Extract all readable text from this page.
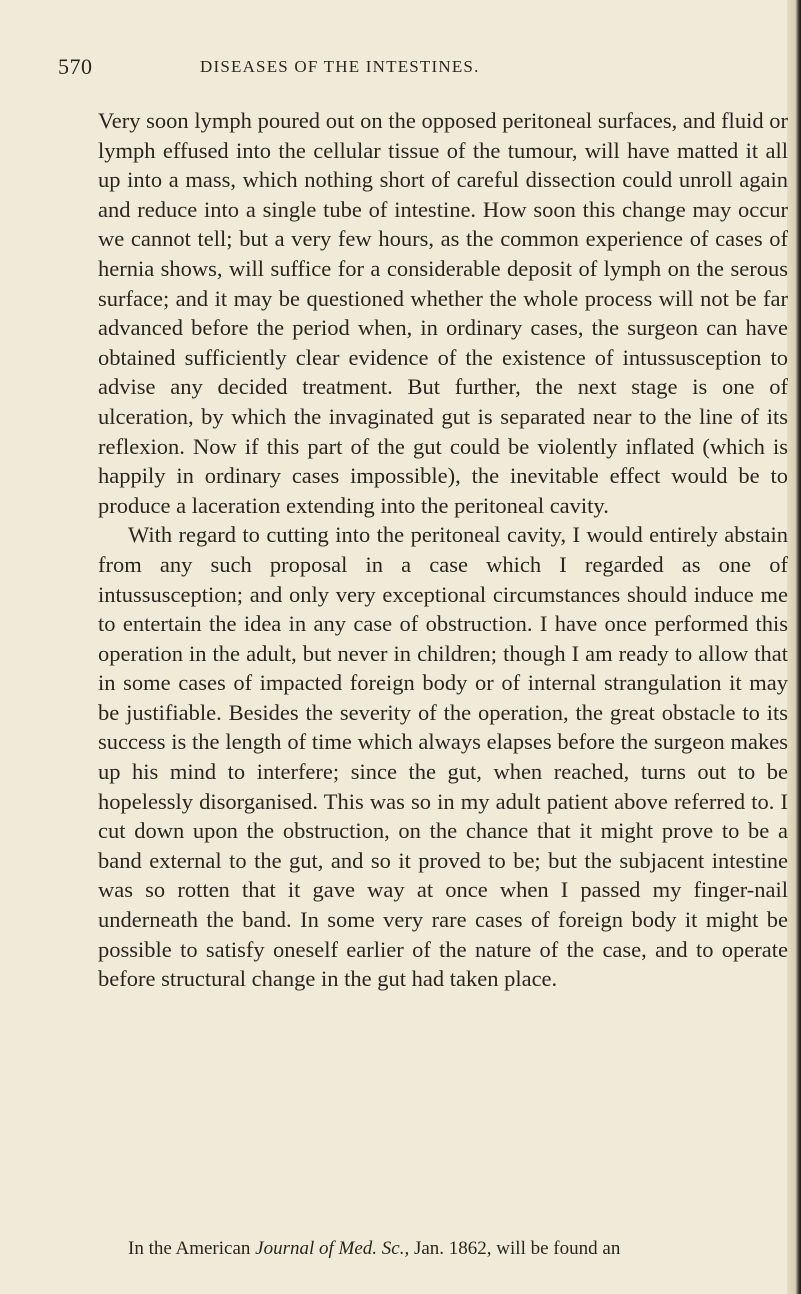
570	DISEASES OF THE INTESTINES.

Very soon lymph poured out on the opposed peritoneal surfaces, and fluid or lymph effused into the cellular tissue of the tumour, will have matted it all up into a mass, which nothing short of careful dissection could unroll again and reduce into a single tube of intestine. How soon this change may occur we cannot tell; but a very few hours, as the common experience of cases of hernia shows, will suffice for a considerable deposit of lymph on the serous surface; and it may be questioned whether the whole process will not be far advanced before the period when, in ordinary cases, the surgeon can have obtained sufficiently clear evidence of the existence of intussusception to advise any decided treatment. But further, the next stage is one of ulceration, by which the invaginated gut is separated near to the line of its reflexion. Now if this part of the gut could be violently inflated (which is happily in ordinary cases impossible), the inevitable effect would be to produce a laceration extending into the peritoneal cavity.

With regard to cutting into the peritoneal cavity, I would entirely abstain from any such proposal in a case which I regarded as one of intussusception; and only very exceptional circumstances should induce me to entertain the idea in any case of obstruction. I have once performed this operation in the adult, but never in children; though I am ready to allow that in some cases of impacted foreign body or of internal strangulation it may be justifiable. Besides the severity of the operation, the great obstacle to its success is the length of time which always elapses before the surgeon makes up his mind to interfere; since the gut, when reached, turns out to be hopelessly disorganised. This was so in my adult patient above referred to. I cut down upon the obstruction, on the chance that it might prove to be a band external to the gut, and so it proved to be; but the subjacent intestine was so rotten that it gave way at once when I passed my finger-nail underneath the band. In some very rare cases of foreign body it might be possible to satisfy oneself earlier of the nature of the case, and to operate before structural change in the gut had taken place.

In the American Journal of Med. Sc., Jan. 1862, will be found an
